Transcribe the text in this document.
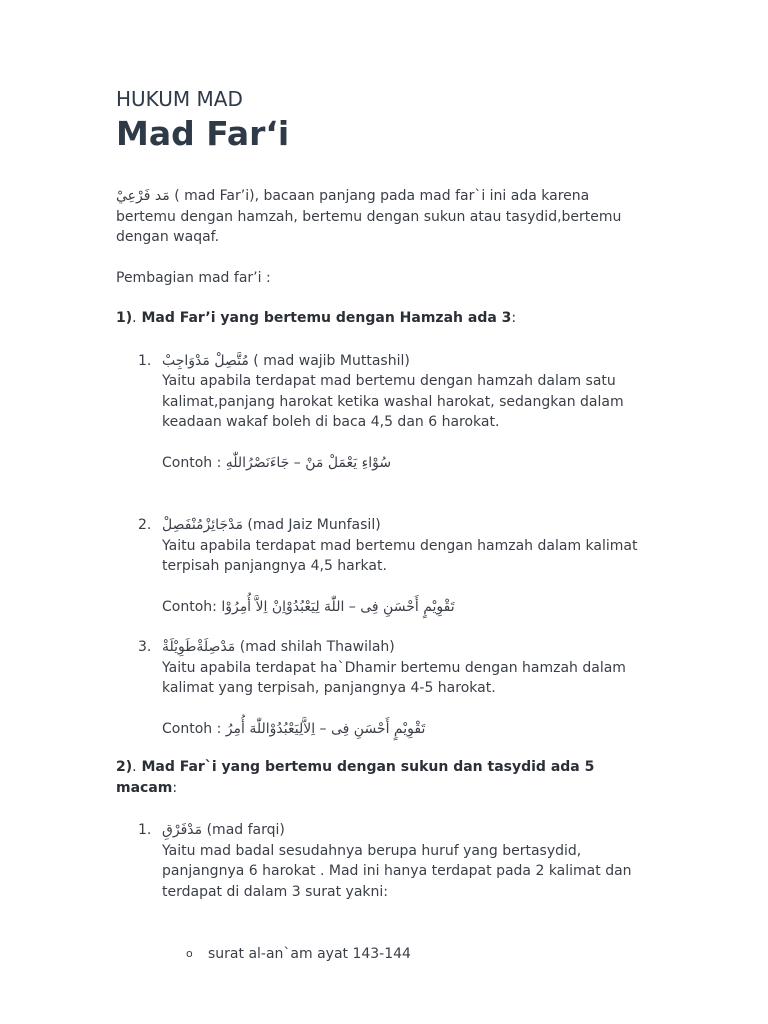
HUKUM MAD
Mad Far‘i

مَد فَرْعِيْ ( mad Far’i), bacaan panjang pada mad far`i ini ada karena

bertemu dengan hamzah, bertemu dengan sukun atau tasydid,bertemu

dengan waqaf.

Pembagian mad far’i :

1). Mad Far’i yang bertemu dengan Hamzah ada 3:

1. مُتَّصِلْ مَدْوَاجِبْ ( mad wajib Muttashil)

Yaitu apabila terdapat mad bertemu dengan hamzah dalam satu

kalimat,panjang harokat ketika washal harokat, sedangkan dalam

keadaan wakaf boleh di baca 4,5 dan 6 harokat.

Contoh : سُوْاءِ يَعْمَلْ مَنْ – جَاءَنَصْرُاللّٰهِ

2. مَدْجَائِزْمُنْفَصِلْ (mad Jaiz Munfasil)

Yaitu apabila terdapat mad bertemu dengan hamzah dalam kalimat

terpisah panjangnya 4,5 harkat.

Contoh: تَقْوِيْمٍ أَحْسَنِ فِى – اللّٰهَ لِيَعْبُدُوْاِنْ اِلاَّ أُمِرُوْا

3. مَدْصِلَةْطَوِيْلَةْ (mad shilah Thawilah)

Yaitu apabila terdapat ha`Dhamir bertemu dengan hamzah dalam

kalimat yang terpisah, panjangnya 4-5 harokat.

Contoh : تَقْوِيْمٍ أَحْسَنِ فِى – اِلاَّلِيَعْبُدُوْاللّٰهَ أُمِرُ

2). Mad Far`i yang bertemu dengan sukun dan tasydid ada 5 macam:

1. مَدْفَرْقِ (mad farqi)

Yaitu mad badal sesudahnya berupa huruf yang bertasydid,

panjangnya 6 harokat . Mad ini hanya terdapat pada 2 kalimat dan

terdapat di dalam 3 surat yakni:

o surat al-an`am ayat 143-144
